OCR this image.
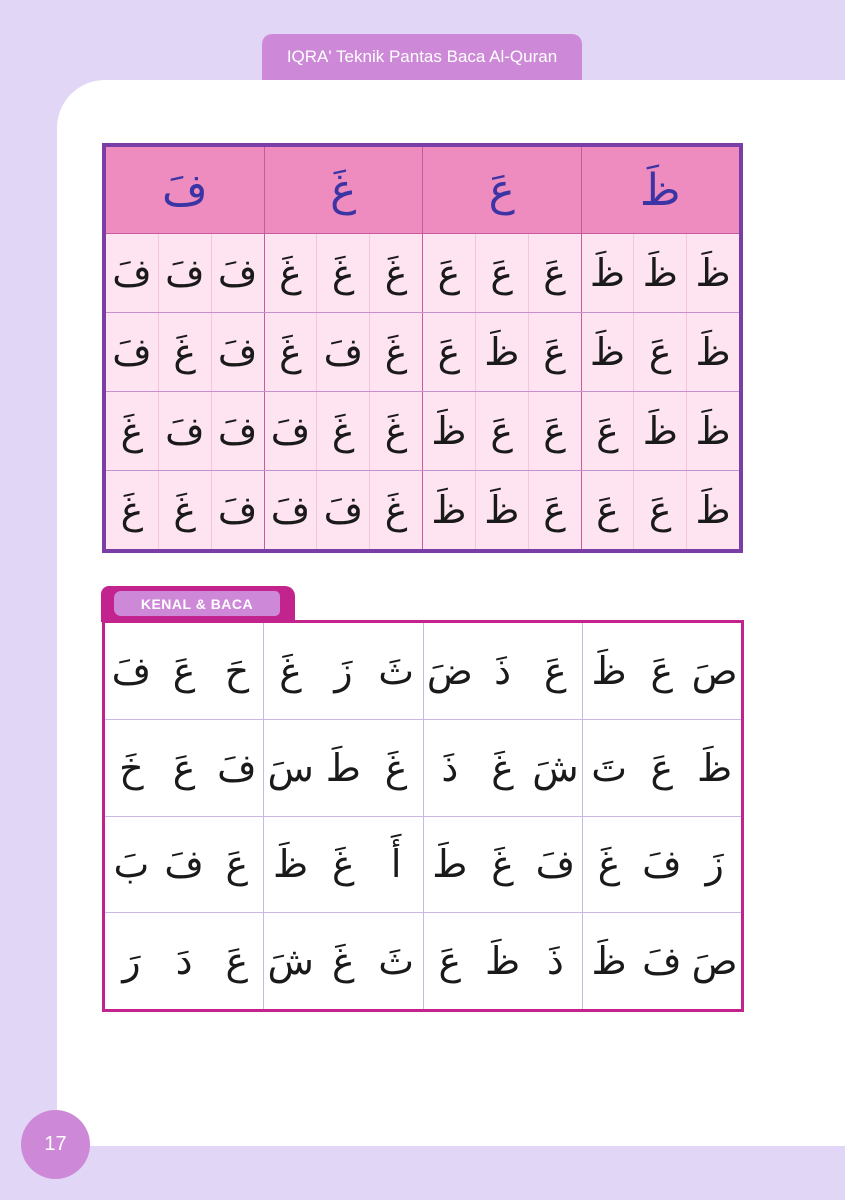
IQRA' Teknik Pantas Baca Al-Quran
ظَ
عَ
غَ
فَ
ظَ
ظَ
ظَ
عَ
عَ
عَ
غَ
غَ
غَ
فَ
فَ
فَ
ظَ
عَ
ظَ
عَ
ظَ
عَ
غَ
فَ
غَ
فَ
غَ
فَ
ظَ
ظَ
عَ
عَ
عَ
ظَ
غَ
غَ
فَ
فَ
فَ
غَ
ظَ
عَ
عَ
عَ
ظَ
ظَ
غَ
فَ
فَ
فَ
غَ
غَ
KENAL & BACA
صَ
عَ
ظَ
عَ
ذَ
ضَ
ثَ
زَ
غَ
حَ
عَ
فَ
ظَ
عَ
تَ
شَ
غَ
ذَ
غَ
طَ
سَ
فَ
عَ
خَ
زَ
فَ
غَ
فَ
غَ
طَ
أَ
غَ
ظَ
عَ
فَ
بَ
صَ
فَ
ظَ
ذَ
ظَ
عَ
ثَ
غَ
شَ
عَ
دَ
رَ
17
